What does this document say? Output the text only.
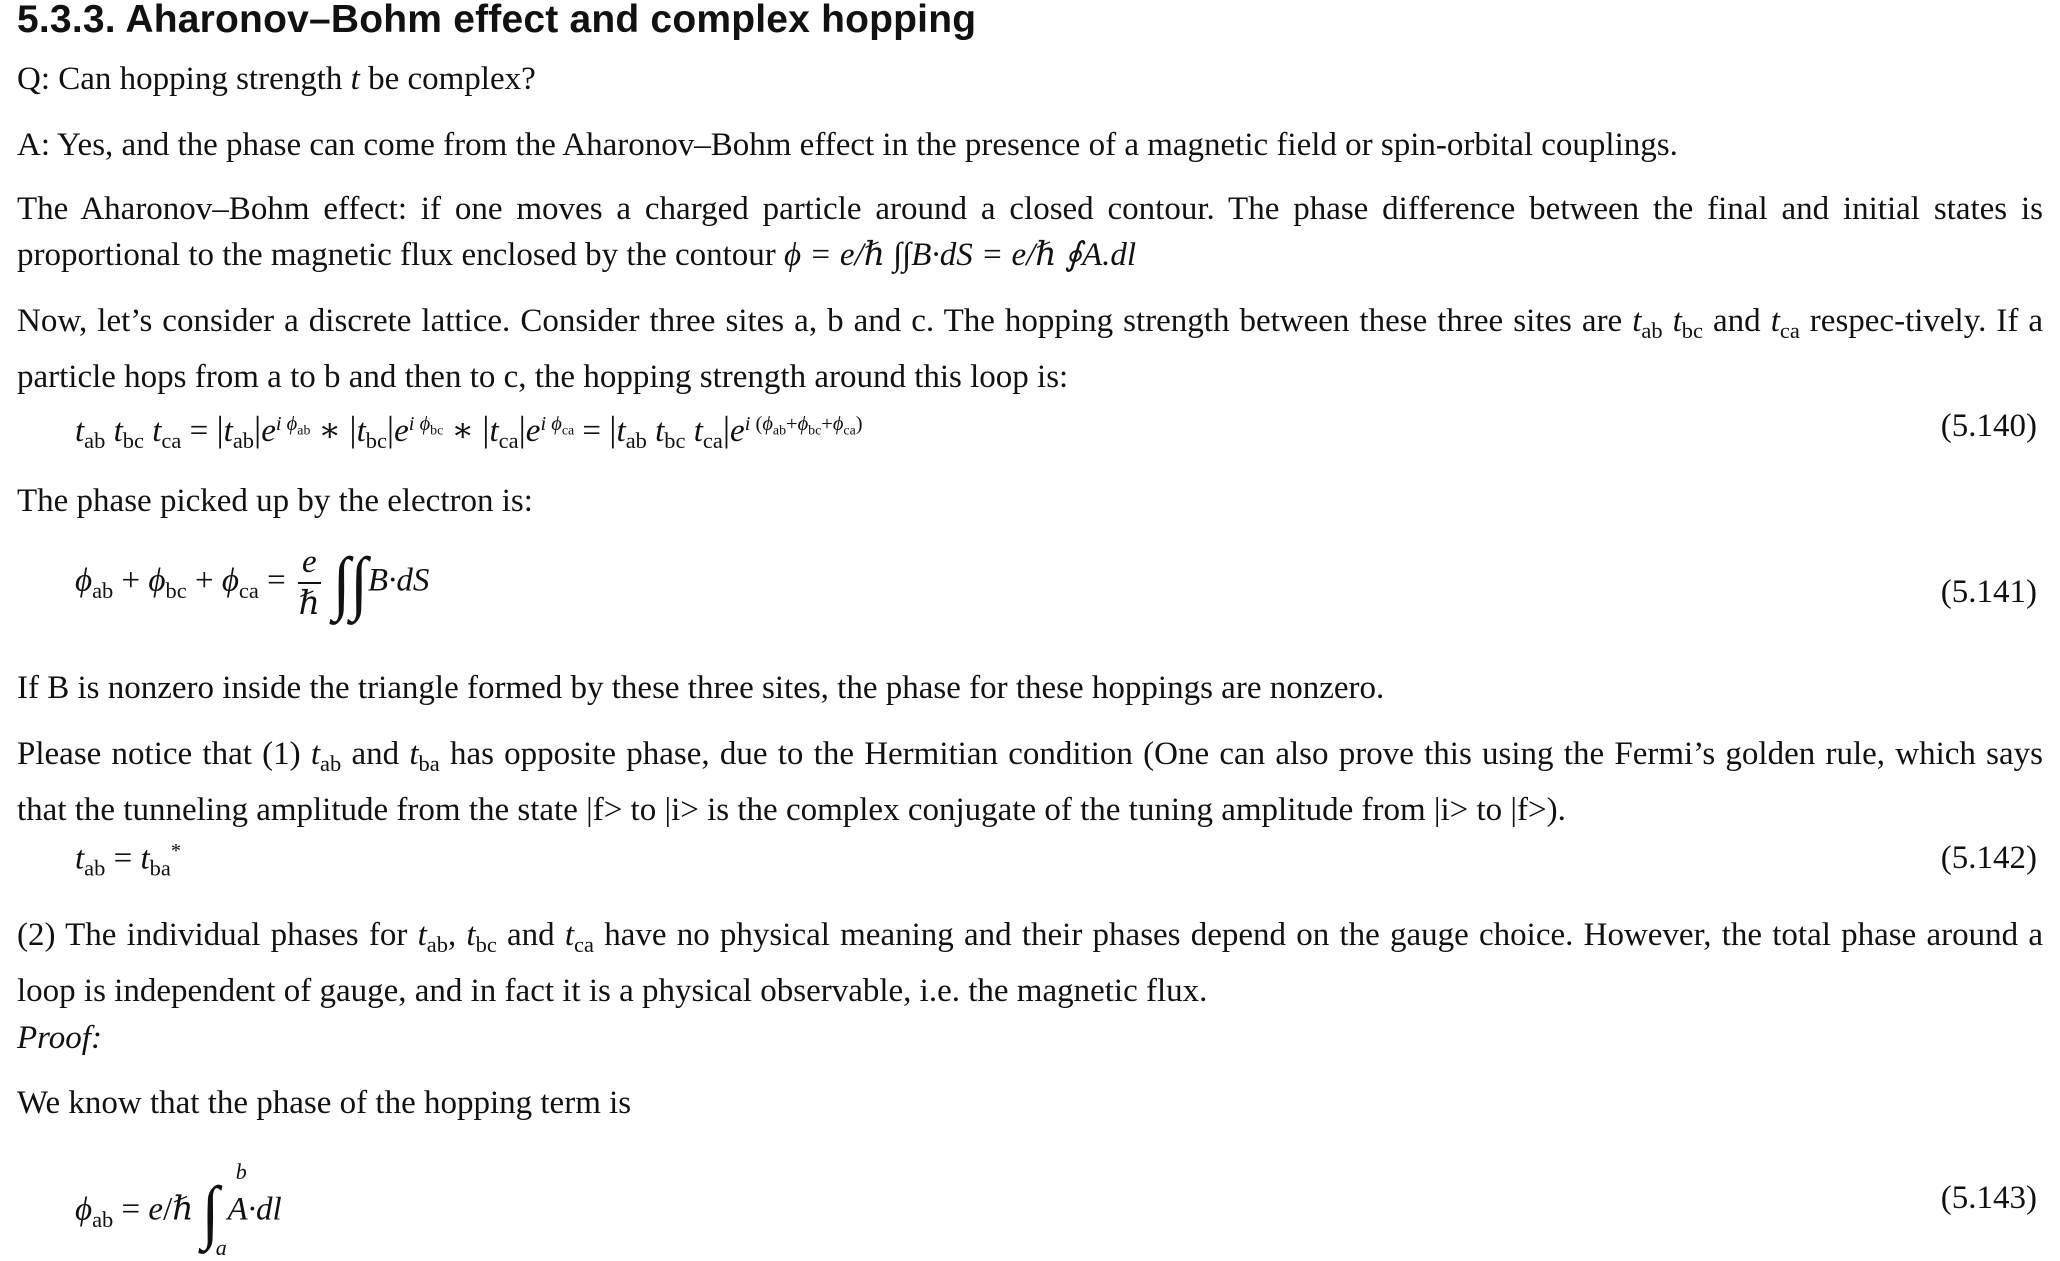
5.3.3. Aharonov–Bohm effect and complex hopping

Q: Can hopping strength t be complex?

A: Yes, and the phase can come from the Aharonov–Bohm effect in the presence of a magnetic field or spin-orbital couplings.

The Aharonov–Bohm effect: if one moves a charged particle around a closed contour. The phase difference between the final and initial states is proportional to the magnetic flux enclosed by the contour ϕ = e/ℏ ∫∫B·dS = e/ℏ ∮A.dl

Now, let’s consider a discrete lattice. Consider three sites a, b and c. The hopping strength between these three sites are $t_{ab}$ $t_{bc}$ and $t_{ca}$ respec-tively. If a particle hops from a to b and then to c, the hopping strength around this loop is:

$t_{ab}$ $t_{bc}$ $t_{ca} = |t_{ab}|e^{i \phi_{ab}}$ ∗ $|t_{bc}|e^{i \phi_{bc}}$ ∗ $|t_{ca}|e^{i \phi_{ca}} = |t_{ab}$ $t_{bc}$ $t_{ca}|e^{i (\phi_{ab}+\phi_{bc}+\phi_{ca})}$	(5.140)

The phase picked up by the electron is:

$\phi_{ab} + \phi_{bc} + \phi_{ca} = \frac{e}{\text{ℏ}} \int\int B\cdot dS$	(5.141)

If B is nonzero inside the triangle formed by these three sites, the phase for these hoppings are nonzero.

Please notice that (1) $t_{ab}$ and $t_{ba}$ has opposite phase, due to the Hermitian condition (One can also prove this using the Fermi’s golden rule, which says that the tunneling amplitude from the state |f> to |i> is the complex conjugate of the tuning amplitude from |i> to |f>).

$t_{ab} = t_{ba}^*$	(5.142)

(2) The individual phases for $t_{ab}$, $t_{bc}$ and $t_{ca}$ have no physical meaning and their phases depend on the gauge choice. However, the total phase around a loop is independent of gauge, and in fact it is a physical observable, i.e. the magnetic flux.

Proof:

We know that the phase of the hopping term is

$\phi_{ab}$ = e/ℏ ∫
b
a
A·dl	(5.143)
